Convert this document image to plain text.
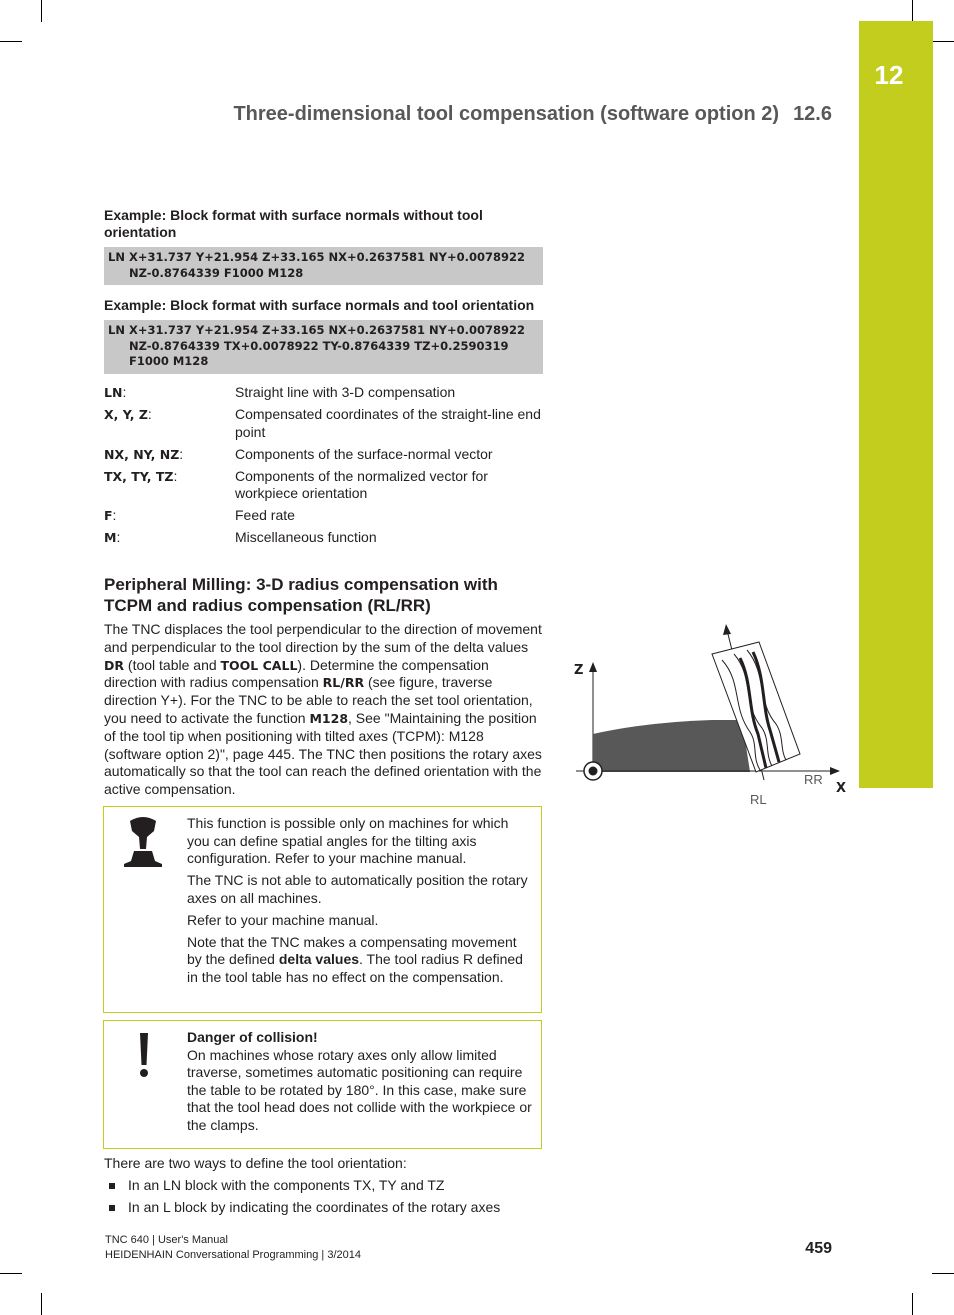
12
Three-dimensional tool compensation (software option 2) 12.6
Example: Block format with surface normals without tool orientation
LN X+31.737 Y+21.954 Z+33.165 NX+0.2637581 NY+0.0078922
NZ-0.8764339 F1000 M128
Example: Block format with surface normals and tool orientation
LN X+31.737 Y+21.954 Z+33.165 NX+0.2637581 NY+0.0078922
NZ-0.8764339 TX+0.0078922 TY-0.8764339 TZ+0.2590319
F1000 M128
LN:	Straight line with 3-D compensation
X, Y, Z:	Compensated coordinates of the straight-line end point
NX, NY, NZ:	Components of the surface-normal vector
TX, TY, TZ:	Components of the normalized vector for workpiece orientation
F:	Feed rate
M:	Miscellaneous function
Peripheral Milling: 3-D radius compensation with TCPM and radius compensation (RL/RR)
The TNC displaces the tool perpendicular to the direction of movement and perpendicular to the tool direction by the sum of the delta values DR (tool table and TOOL CALL). Determine the compensation direction with radius compensation RL/RR (see figure, traverse direction Y+). For the TNC to be able to reach the set tool orientation, you need to activate the function M128, See "Maintaining the position of the tool tip when positioning with tilted axes (TCPM): M128 (software option 2)", page 445. The TNC then positions the rotary axes automatically so that the tool can reach the defined orientation with the active compensation.
RR
RL
Z
X

This function is possible only on machines for which you can define spatial angles for the tilting axis configuration. Refer to your machine manual.

The TNC is not able to automatically position the rotary axes on all machines.

Refer to your machine manual.

Note that the TNC makes a compensating movement by the defined delta values. The tool radius R defined in the tool table has no effect on the compensation.

Danger of collision!

On machines whose rotary axes only allow limited traverse, sometimes automatic positioning can require the table to be rotated by 180°. In this case, make sure that the tool head does not collide with the workpiece or the clamps.

There are two ways to define the tool orientation:
In an LN block with the components TX, TY and TZ
In an L block by indicating the coordinates of the rotary axes
TNC 640 | User's Manual
HEIDENHAIN Conversational Programming | 3/2014	459
